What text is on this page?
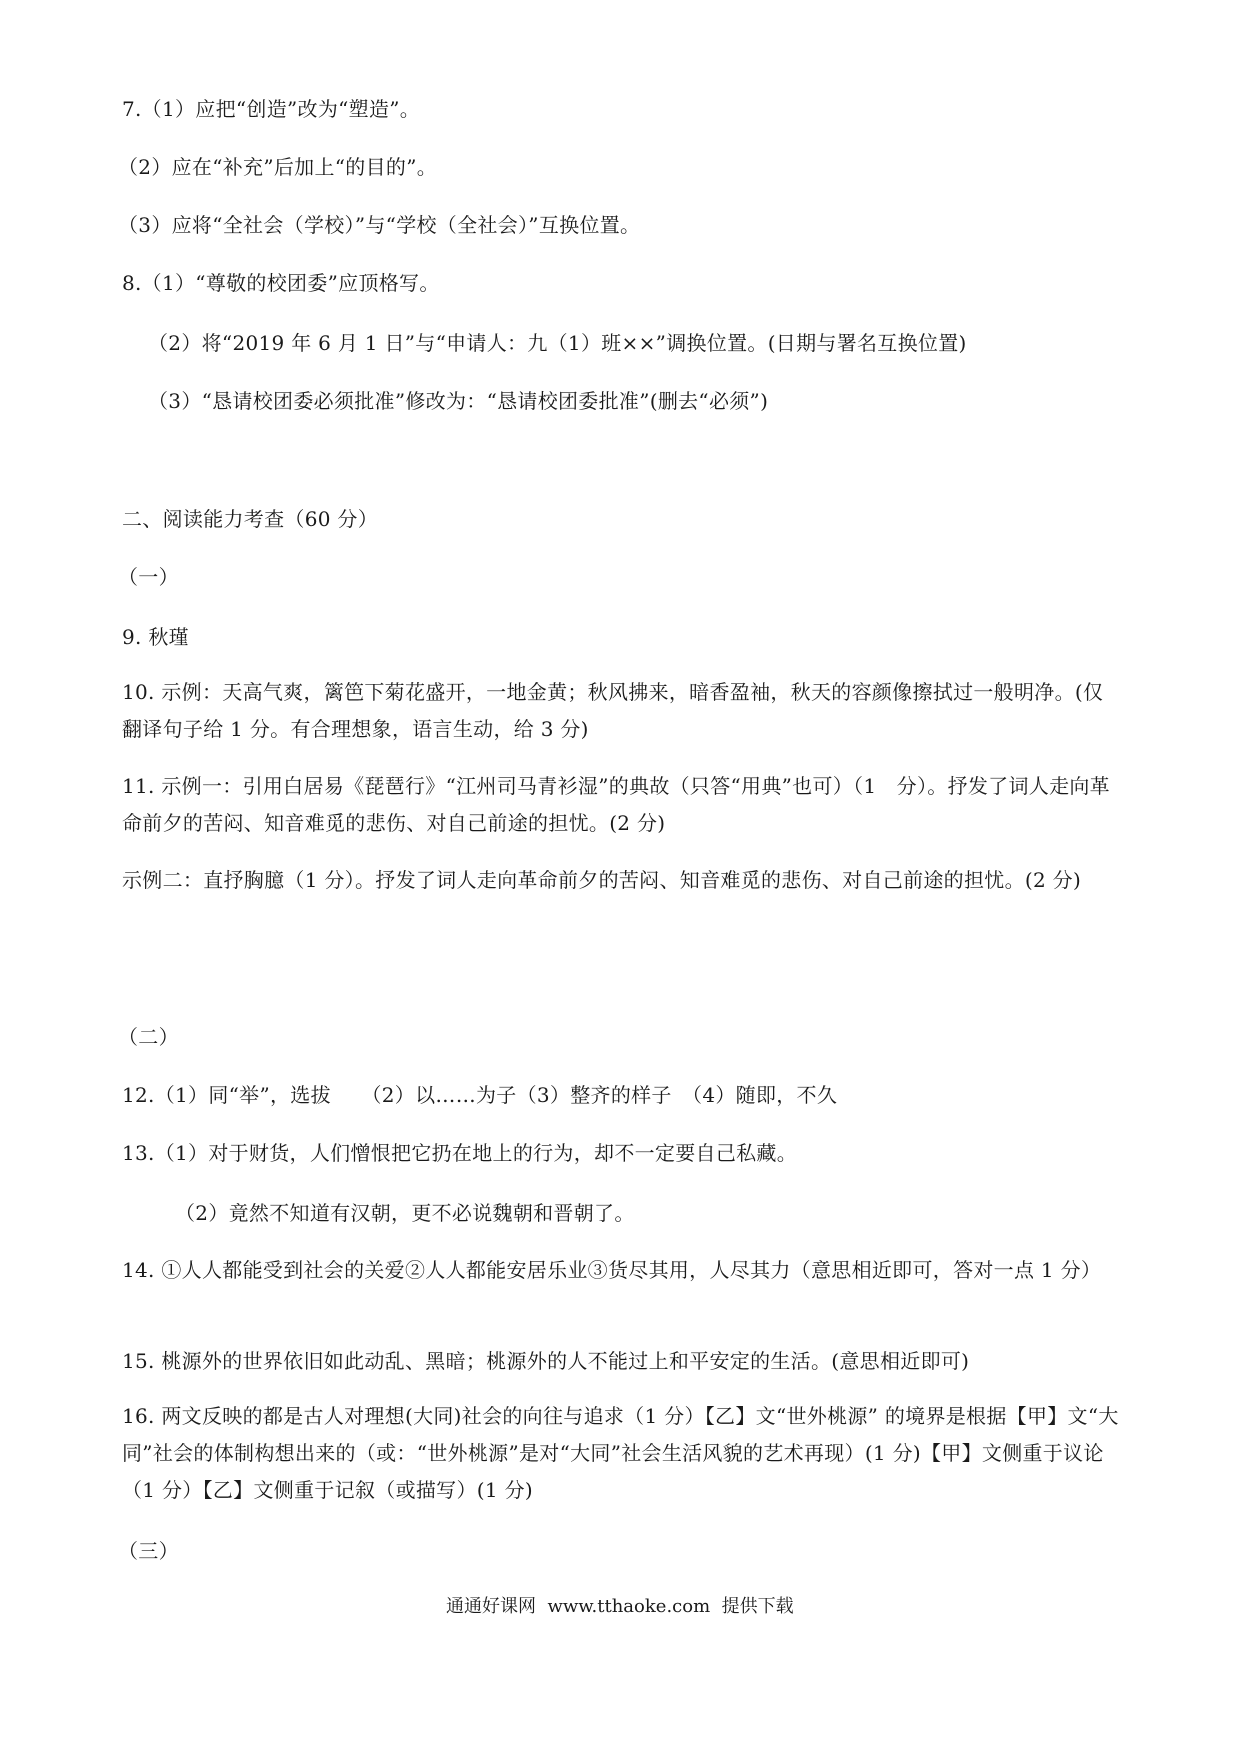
7.（1）应把“创造”改为“塑造”。
（2）应在“补充”后加上“的目的”。
（3）应将“全社会（学校）”与“学校（全社会）”互换位置。
8.（1）“尊敬的校团委”应顶格写。
（2）将“2019 年 6 月 1 日”与“申请人：九（1）班××”调换位置。(日期与署名互换位置)
（3）“恳请校团委必须批准”修改为：“恳请校团委批准”(删去“必须”)
二、阅读能力考查（60 分）
（一）
9. 秋瑾
10. 示例：天高气爽，篱笆下菊花盛开，一地金黄；秋风拂来，暗香盈袖，秋天的容颜像擦拭过一般明净。(仅翻译句子给 1 分。有合理想象，语言生动，给 3 分)
11. 示例一：引用白居易《琵琶行》“江州司马青衫湿”的典故（只答“用典”也可）（1　分）。抒发了词人走向革命前夕的苦闷、知音难觅的悲伤、对自己前途的担忧。(2 分)
示例二：直抒胸臆（1 分）。抒发了词人走向革命前夕的苦闷、知音难觅的悲伤、对自己前途的担忧。(2 分)
（二）
12.（1）同“举”，选拔　　（2）以……为子（3）整齐的样子　（4）随即，不久
13.（1）对于财货，人们憎恨把它扔在地上的行为，却不一定要自己私藏。
（2）竟然不知道有汉朝，更不必说魏朝和晋朝了。
14. ①人人都能受到社会的关爱②人人都能安居乐业③货尽其用，人尽其力（意思相近即可，答对一点 1 分）
15. 桃源外的世界依旧如此动乱、黑暗；桃源外的人不能过上和平安定的生活。(意思相近即可)
16. 两文反映的都是古人对理想(大同)社会的向往与追求（1 分）【乙】文“世外桃源” 的境界是根据【甲】文“大同”社会的体制构想出来的（或：“世外桃源”是对“大同”社会生活风貌的艺术再现）(1 分)【甲】文侧重于议论（1 分）【乙】文侧重于记叙（或描写）(1 分)
（三）
通通好课网  www.tthaoke.com  提供下载
